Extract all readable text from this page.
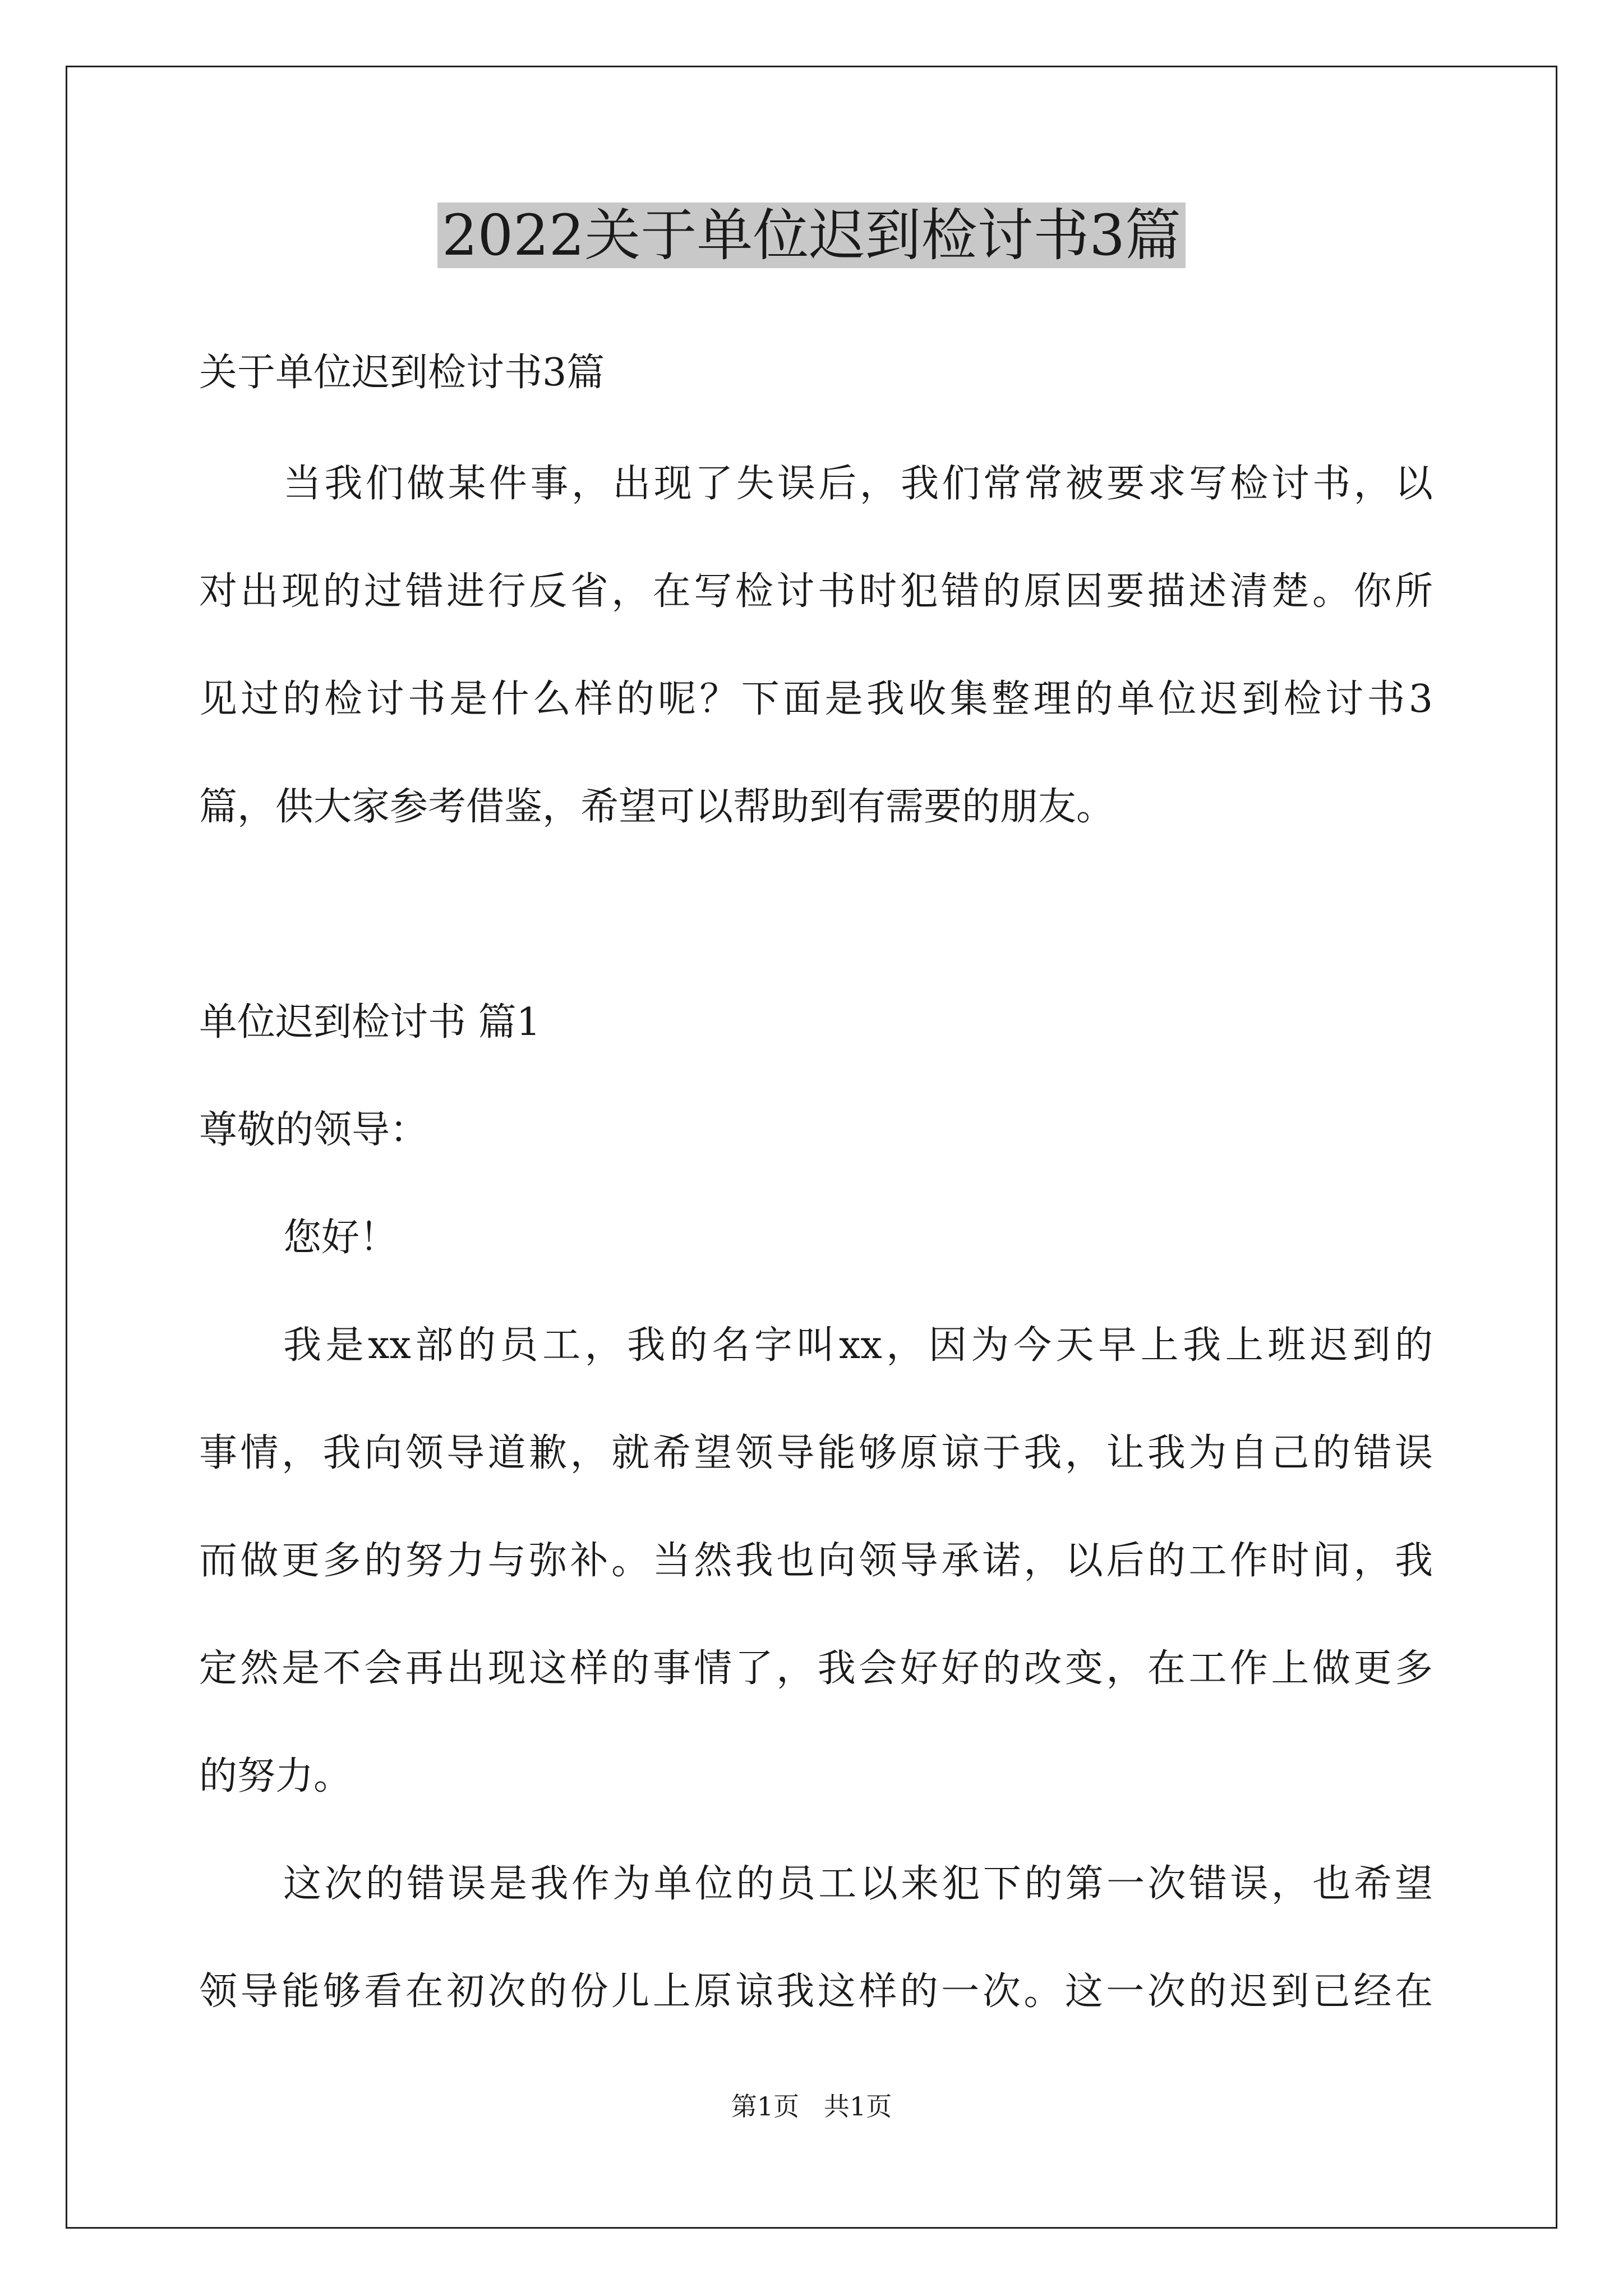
2022关于单位迟到检讨书3篇
关于单位迟到检讨书3篇
当我们做某件事，出现了失误后，我们常常被要求写检讨书，以
对出现的过错进行反省，在写检讨书时犯错的原因要描述清楚。你所
见过的检讨书是什么样的呢？下面是我收集整理的单位迟到检讨书3
篇，供大家参考借鉴，希望可以帮助到有需要的朋友。
单位迟到检讨书 篇1
尊敬的领导：
您好！
我是xx部的员工，我的名字叫xx，因为今天早上我上班迟到的
事情，我向领导道歉，就希望领导能够原谅于我，让我为自己的错误
而做更多的努力与弥补。当然我也向领导承诺，以后的工作时间，我
定然是不会再出现这样的事情了，我会好好的改变，在工作上做更多
的努力。
这次的错误是我作为单位的员工以来犯下的第一次错误，也希望
领导能够看在初次的份儿上原谅我这样的一次。这一次的迟到已经在
第1页   共1页
